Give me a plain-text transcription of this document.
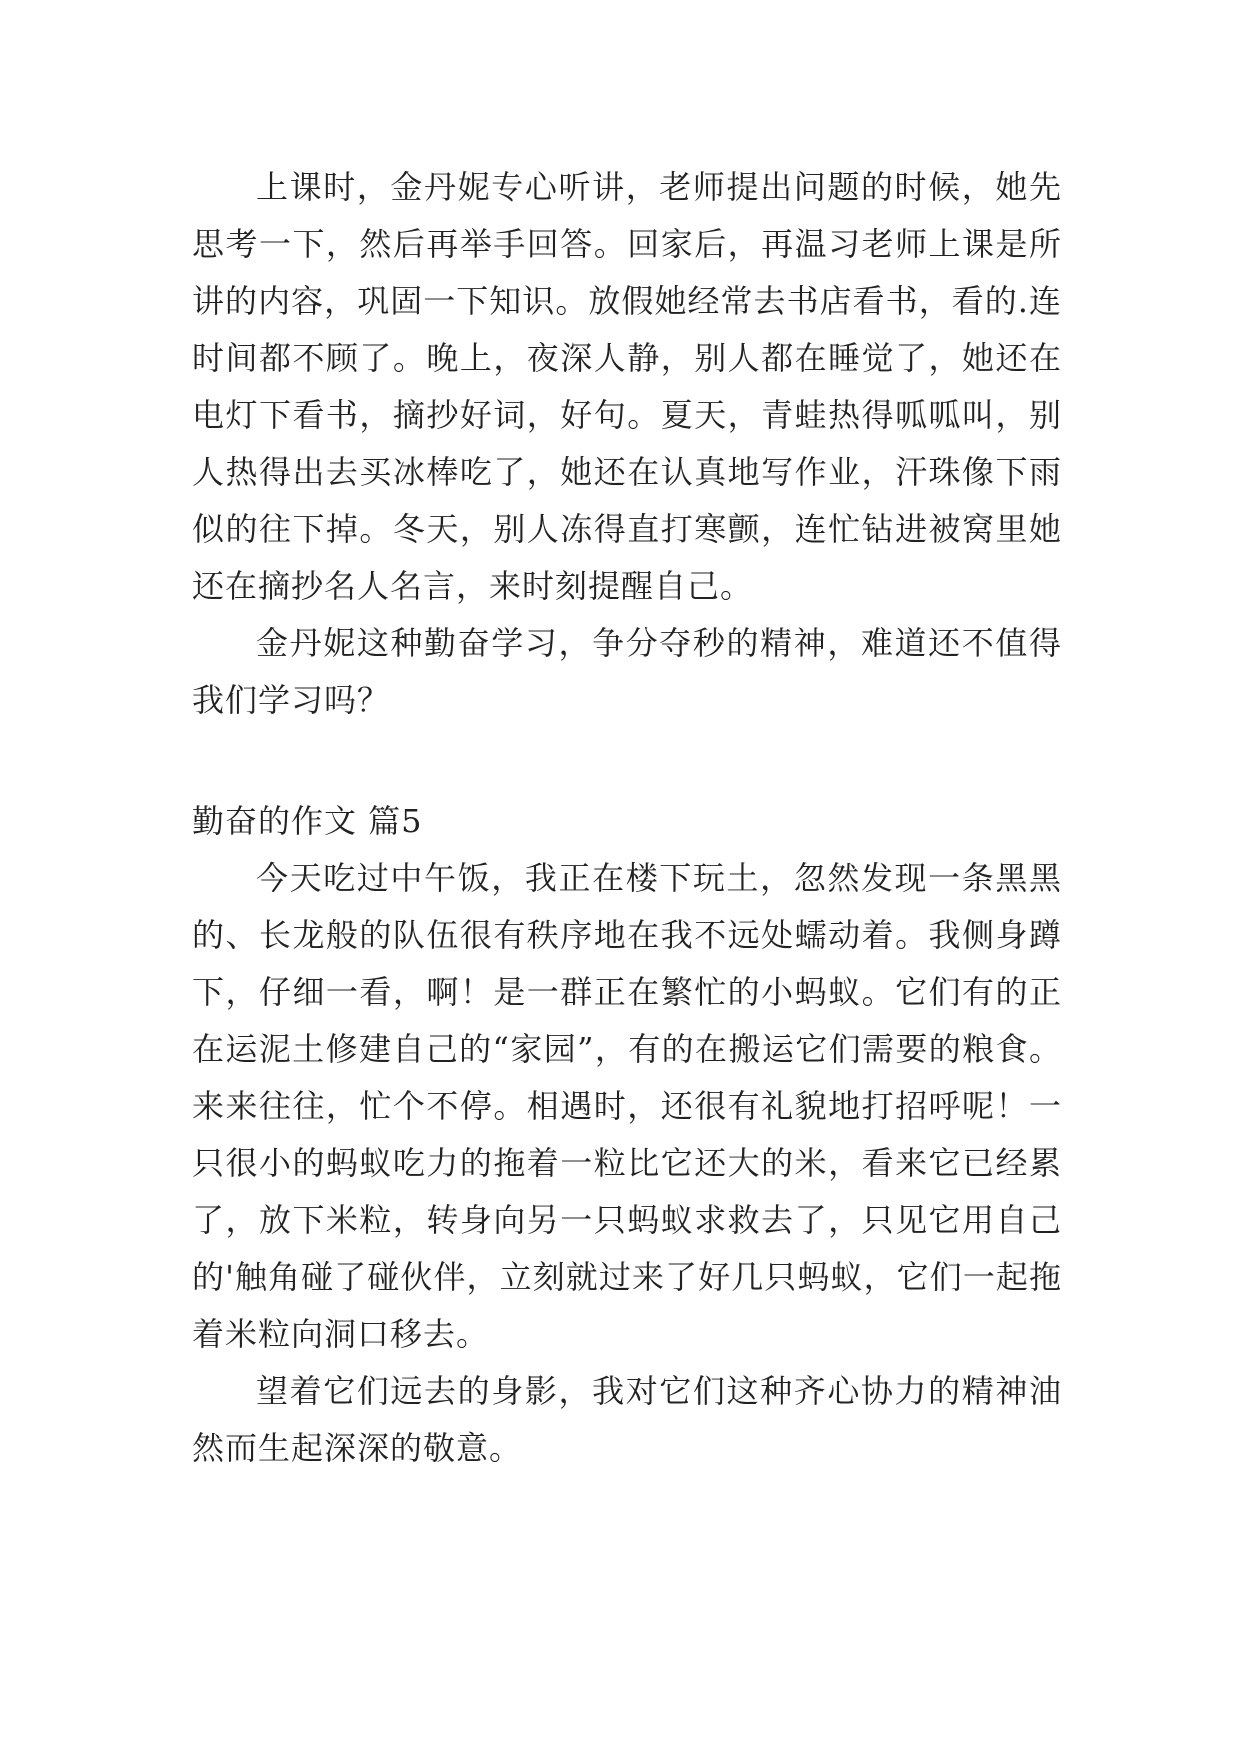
上课时，金丹妮专心听讲，老师提出问题的时候，她先思考一下，然后再举手回答。回家后，再温习老师上课是所讲的内容，巩固一下知识。放假她经常去书店看书，看的.连时间都不顾了。晚上，夜深人静，别人都在睡觉了，她还在电灯下看书，摘抄好词，好句。夏天，青蛙热得呱呱叫，别人热得出去买冰棒吃了，她还在认真地写作业，汗珠像下雨似的往下掉。冬天，别人冻得直打寒颤，连忙钻进被窝里她还在摘抄名人名言，来时刻提醒自己。

金丹妮这种勤奋学习，争分夺秒的精神，难道还不值得我们学习吗？

勤奋的作文 篇5

今天吃过中午饭，我正在楼下玩土，忽然发现一条黑黑的、长龙般的队伍很有秩序地在我不远处蠕动着。我侧身蹲下，仔细一看，啊！是一群正在繁忙的小蚂蚁。它们有的正在运泥土修建自己的“家园”，有的在搬运它们需要的粮食。来来往往，忙个不停。相遇时，还很有礼貌地打招呼呢！一只很小的蚂蚁吃力的拖着一粒比它还大的米，看来它已经累了，放下米粒，转身向另一只蚂蚁求救去了，只见它用自己的'触角碰了碰伙伴，立刻就过来了好几只蚂蚁，它们一起拖着米粒向洞口移去。

望着它们远去的身影，我对它们这种齐心协力的精神油然而生起深深的敬意。
